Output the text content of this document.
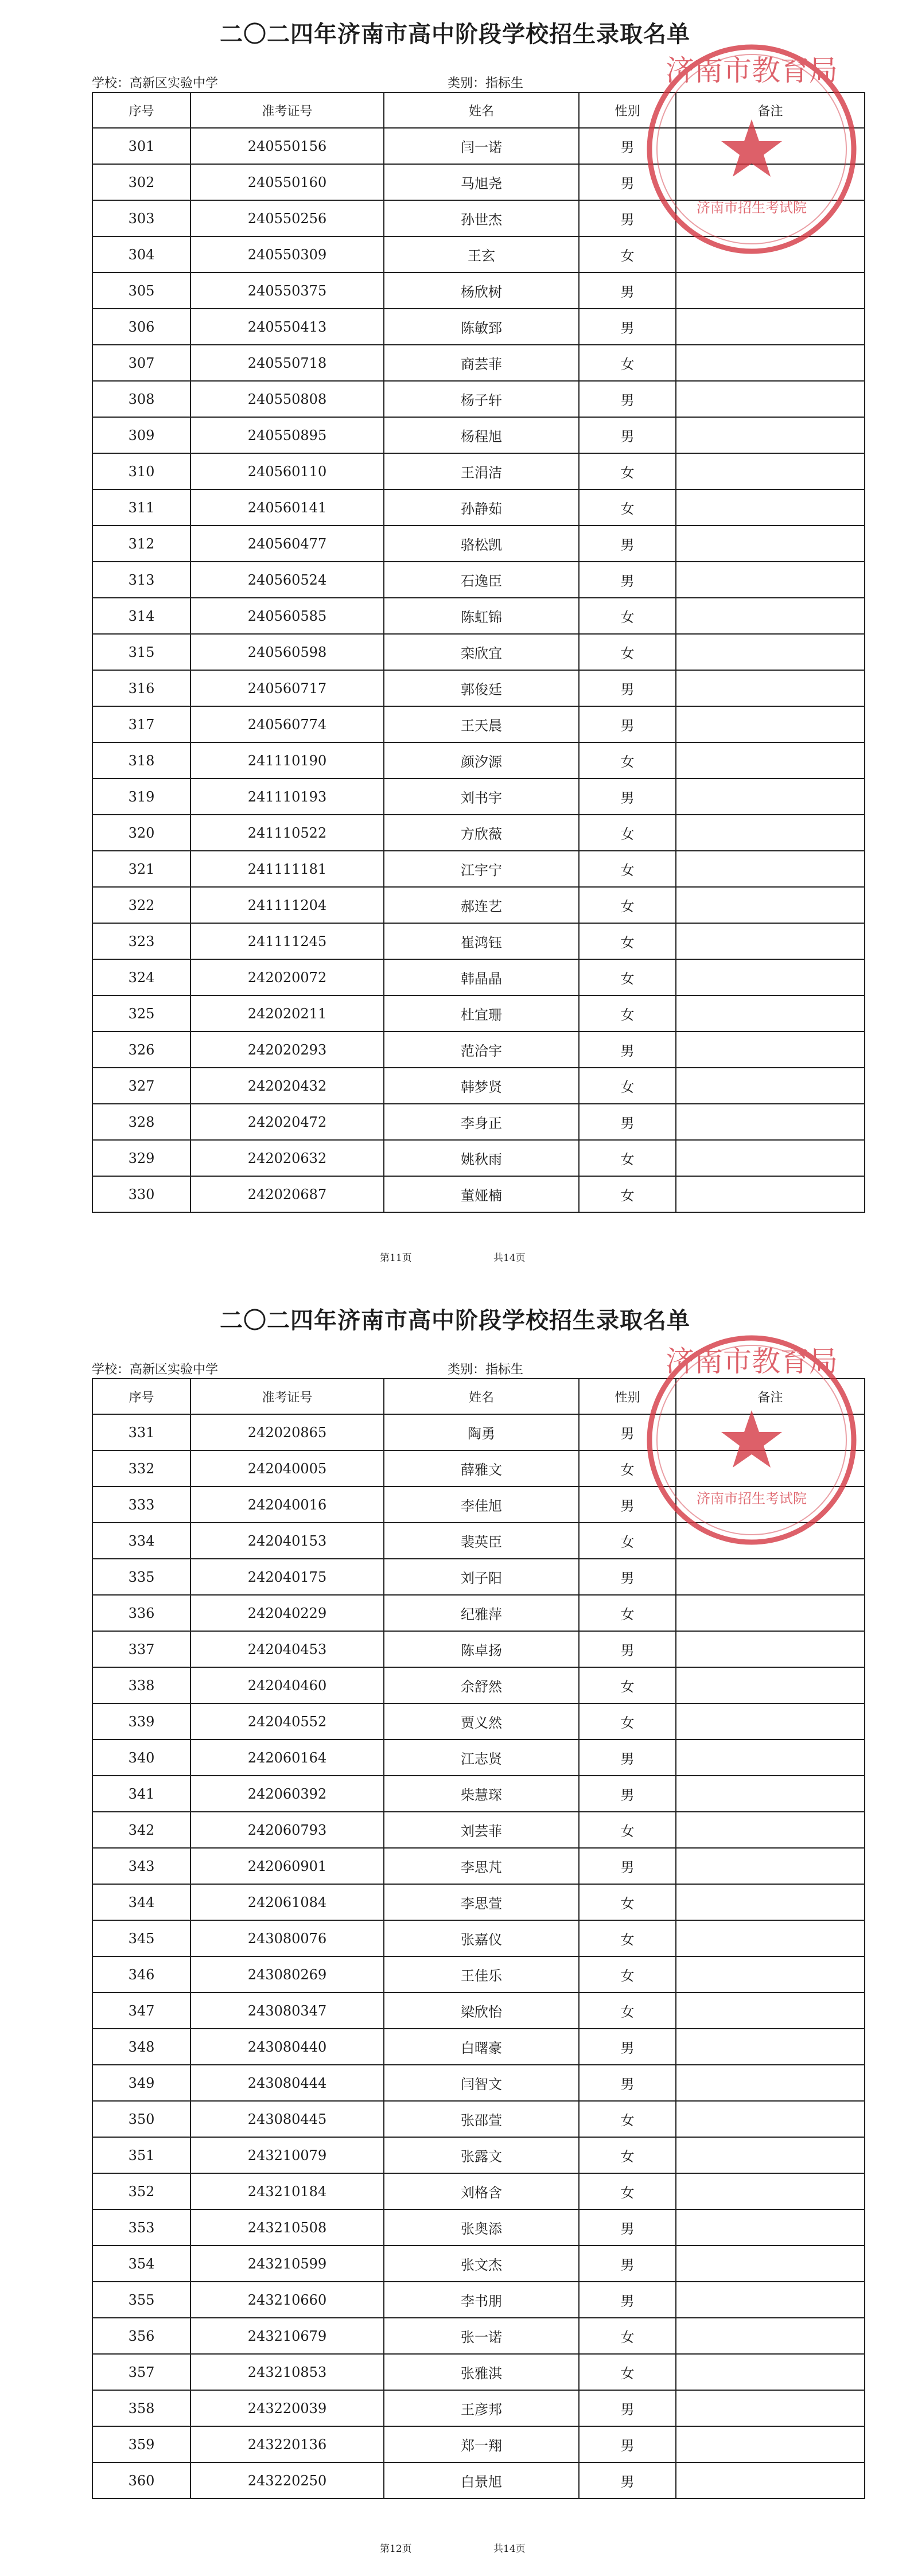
二〇二四年济南市高中阶段学校招生录取名单
学校：高新区实验中学	类别：指标生
序号	准考证号	姓名	性别	备注
301	240550156	闫一诺	男	
302	240550160	马旭尧	男	
303	240550256	孙世杰	男	
304	240550309	王玄	女	
305	240550375	杨欣树	男	
306	240550413	陈敏郅	男	
307	240550718	商芸菲	女	
308	240550808	杨子轩	男	
309	240550895	杨程旭	男	
310	240560110	王涓洁	女	
311	240560141	孙静茹	女	
312	240560477	骆松凯	男	
313	240560524	石逸臣	男	
314	240560585	陈虹锦	女	
315	240560598	栾欣宜	女	
316	240560717	郭俊廷	男	
317	240560774	王天晨	男	
318	241110190	颜汐源	女	
319	241110193	刘书宇	男	
320	241110522	方欣薇	女	
321	241111181	江宇宁	女	
322	241111204	郝连艺	女	
323	241111245	崔鸿钰	女	
324	242020072	韩晶晶	女	
325	242020211	杜宜珊	女	
326	242020293	范洽宇	男	
327	242020432	韩梦贤	女	
328	242020472	李身正	男	
329	242020632	姚秋雨	女	
330	242020687	董娅楠	女	
第11页	共14页
济南市教育局
济南市招生考试院
二〇二四年济南市高中阶段学校招生录取名单
学校：高新区实验中学	类别：指标生
序号	准考证号	姓名	性别	备注
331	242020865	陶勇	男	
332	242040005	薛雅文	女	
333	242040016	李佳旭	男	
334	242040153	裴英臣	女	
335	242040175	刘子阳	男	
336	242040229	纪雅萍	女	
337	242040453	陈卓扬	男	
338	242040460	余舒然	女	
339	242040552	贾义然	女	
340	242060164	江志贤	男	
341	242060392	柴慧琛	男	
342	242060793	刘芸菲	女	
343	242060901	李思芃	男	
344	242061084	李思萱	女	
345	243080076	张嘉仪	女	
346	243080269	王佳乐	女	
347	243080347	梁欣怡	女	
348	243080440	白曙豪	男	
349	243080444	闫智文	男	
350	243080445	张邵萱	女	
351	243210079	张露文	女	
352	243210184	刘格含	女	
353	243210508	张奥添	男	
354	243210599	张文杰	男	
355	243210660	李书朋	男	
356	243210679	张一诺	女	
357	243210853	张雅淇	女	
358	243220039	王彦邦	男	
359	243220136	郑一翔	男	
360	243220250	白景旭	男	
第12页	共14页
济南市教育局
济南市招生考试院
